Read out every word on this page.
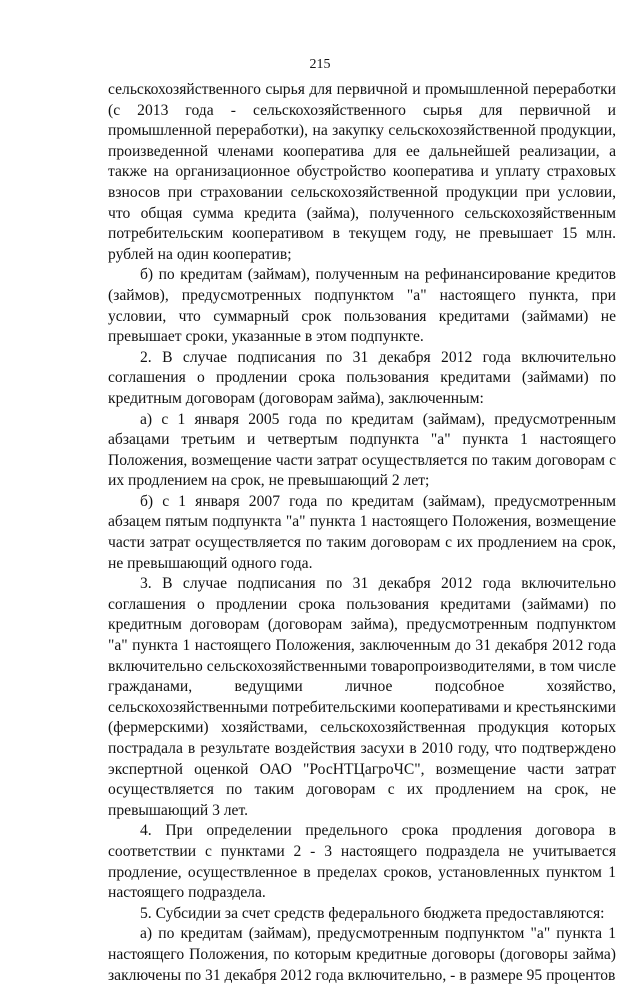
215

сельскохозяйственного сырья для первичной и промышленной переработки (с 2013 года - сельскохозяйственного сырья для первичной и промышленной переработки), на закупку сельскохозяйственной продукции, произведенной членами кооператива для ее дальнейшей реализации, а также на организационное обустройство кооператива и уплату страховых взносов при страховании сельскохозяйственной продукции при условии, что общая сумма кредита (займа), полученного сельскохозяйственным потребительским кооперативом в текущем году, не превышает 15 млн. рублей на один кооператив;

б) по кредитам (займам), полученным на рефинансирование кредитов (займов), предусмотренных подпунктом "а" настоящего пункта, при условии, что суммарный срок пользования кредитами (займами) не превышает сроки, указанные в этом подпункте.

2. В случае подписания по 31 декабря 2012 года включительно соглашения о продлении срока пользования кредитами (займами) по кредитным договорам (договорам займа), заключенным:

а) с 1 января 2005 года по кредитам (займам), предусмотренным абзацами третьим и четвертым подпункта "а" пункта 1 настоящего Положения, возмещение части затрат осуществляется по таким договорам с их продлением на срок, не превышающий 2 лет;

б) с 1 января 2007 года по кредитам (займам), предусмотренным абзацем пятым подпункта "а" пункта 1 настоящего Положения, возмещение части затрат осуществляется по таким договорам с их продлением на срок, не превышающий одного года.

3. В случае подписания по 31 декабря 2012 года включительно соглашения о продлении срока пользования кредитами (займами) по кредитным договорам (договорам займа), предусмотренным подпунктом "а" пункта 1 настоящего Положения, заключенным до 31 декабря 2012 года включительно сельскохозяйственными товаропроизводителями, в том числе гражданами, ведущими личное подсобное хозяйство, сельскохозяйственными потребительскими кооперативами и крестьянскими (фермерскими) хозяйствами, сельскохозяйственная продукция которых пострадала в результате воздействия засухи в 2010 году, что подтверждено экспертной оценкой ОАО "РосНТЦагроЧС", возмещение части затрат осуществляется по таким договорам с их продлением на срок, не превышающий 3 лет.

4. При определении предельного срока продления договора в соответствии с пунктами 2 - 3 настоящего подраздела не учитывается продление, осуществленное в пределах сроков, установленных пунктом 1 настоящего подраздела.

5. Субсидии за счет средств федерального бюджета предоставляются:

а) по кредитам (займам), предусмотренным подпунктом "а" пункта 1 настоящего Положения, по которым кредитные договоры (договоры займа) заключены по 31 декабря 2012 года включительно, - в размере 95 процентов
